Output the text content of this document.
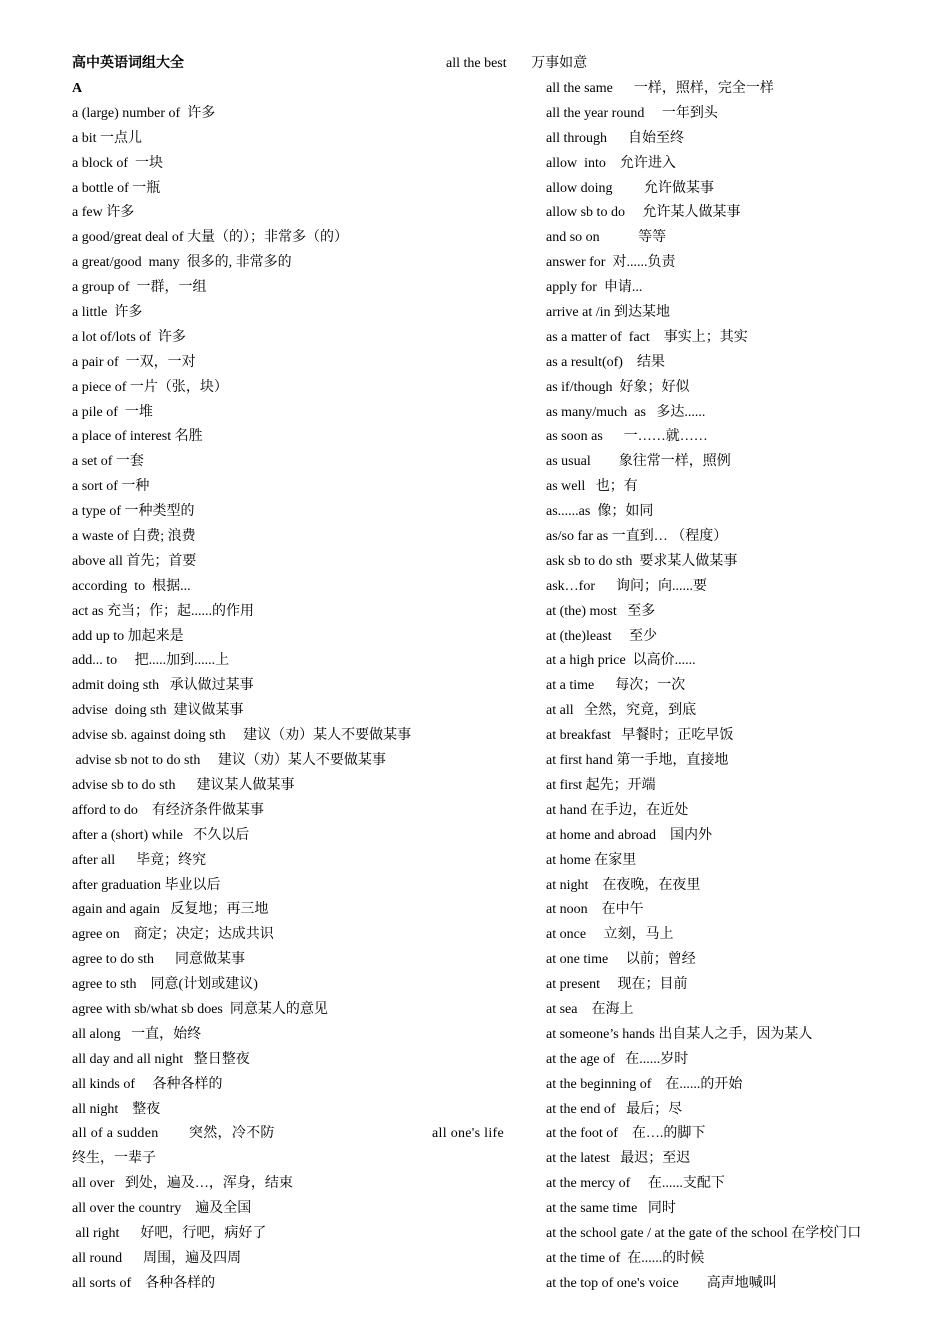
高中英语词组大全	all the best 万事如意
A
a (large) number of  许多
a bit 一点儿
a block of  一块
a bottle of 一瓶
a few 许多
a good/great deal of 大量（的）；非常多（的）
a great/good  many  很多的, 非常多的
a group of  一群，一组
a little  许多
a lot of/lots of  许多
a pair of  一双，一对
a piece of 一片（张，块）
a pile of  一堆
a place of interest 名胜
a set of 一套
a sort of 一种
a type of 一种类型的
a waste of 白费; 浪费
above all 首先；首要
according  to  根据...
act as 充当；作；起......的作用
add up to 加起来是
add... to     把.....加到......上
admit doing sth   承认做过某事
advise  doing sth  建议做某事
advise sb. against doing sth     建议（劝）某人不要做某事
advise sb not to do sth     建议（劝）某人不要做某事
advise sb to do sth      建议某人做某事
afford to do    有经济条件做某事
after a (short) while   不久以后
after all      毕竟；终究
after graduation 毕业以后
again and again   反复地；再三地
agree on    商定；决定；达成共识
agree to do sth      同意做某事
agree to sth    同意(计划或建议)
agree with sb/what sb does  同意某人的意见
all along   一直，始终
all day and all night   整日整夜
all kinds of     各种各样的
all night    整夜
all of a sudden        突然，冷不防	all one's life
终生，一辈子
all over   到处，遍及…，浑身，结束
all over the country    遍及全国
all right      好吧，行吧，病好了
all round      周围，遍及四周
all sorts of    各种各样的
all the same      一样，照样，完全一样
all the year round     一年到头
all through      自始至终
allow  into    允许进入
allow doing         允许做某事
allow sb to do     允许某人做某事
and so on           等等
answer for  对......负责
apply for  申请...
arrive at /in 到达某地
as a matter of  fact    事实上；其实
as a result(of)    结果
as if/though  好象；好似
as many/much  as   多达......
as soon as      一……就……
as usual        象往常一样，照例
as well   也；有
as......as  像；如同
as/so far as 一直到… （程度）
ask sb to do sth  要求某人做某事
ask…for      询问；向......要
at (the) most   至多
at (the)least     至少
at a high price  以高价......
at a time      每次；一次
at all   全然，究竟，到底
at breakfast   早餐时；正吃早饭
at first hand 第一手地，直接地
at first 起先；开端
at hand 在手边，在近处
at home and abroad    国内外
at home 在家里
at night    在夜晚，在夜里
at noon    在中午
at once     立刻，马上
at one time     以前；曾经
at present     现在；目前
at sea    在海上
at someone’s hands 出自某人之手，因为某人
at the age of   在......岁时
at the beginning of    在......的开始
at the end of   最后；尽
at the foot of    在….的脚下
at the latest   最迟；至迟
at the mercy of     在......支配下
at the same time   同时
at the school gate / at the gate of the school 在学校门口
at the time of  在......的时候
at the top of one's voice        高声地喊叫
